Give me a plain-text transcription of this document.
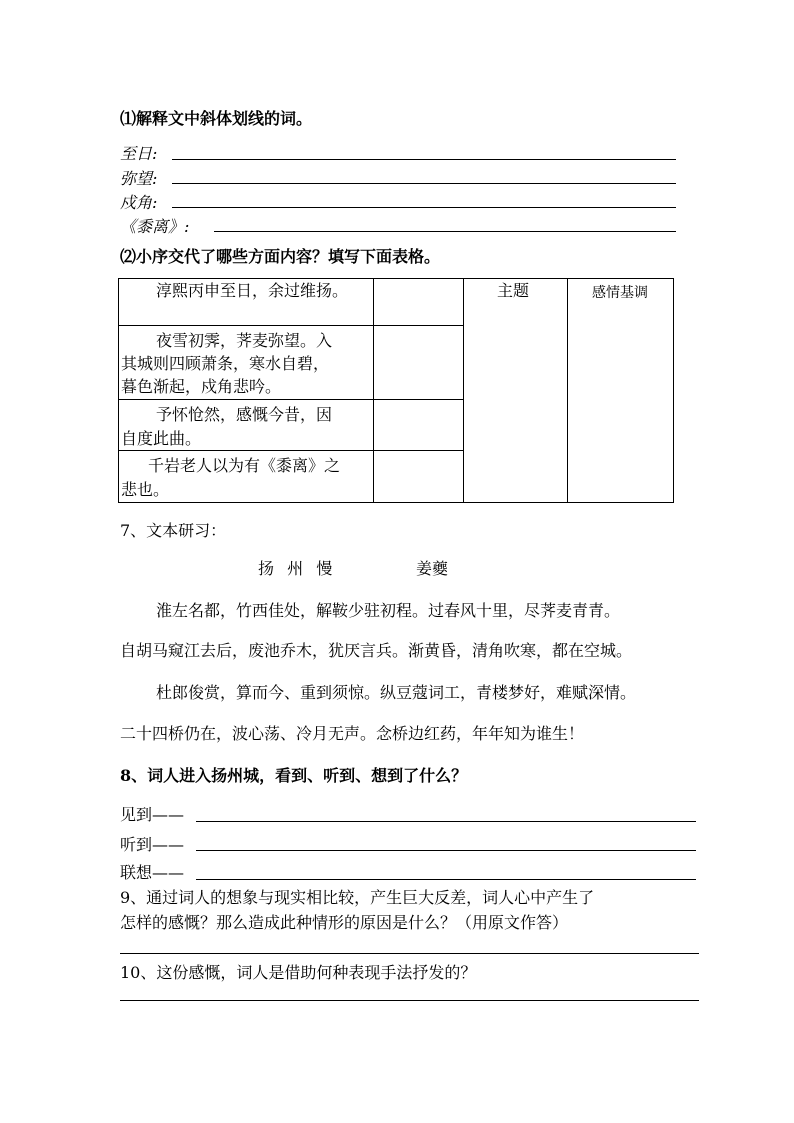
⑴解释文中斜体划线的词。
至日:
弥望:
戍角:
《黍离》:
⑵小序交代了哪些方面内容？填写下面表格。
淳熙丙申至日，余过维扬。
夜雪初霁，荠麦弥望。入
其城则四顾萧条，寒水自碧，
暮色渐起，戍角悲吟。
予怀怆然，感慨今昔，因
自度此曲。
千岩老人以为有《黍离》之
悲也。
主题	感情基调
7、文本研习：
扬  州  慢	姜夔
淮左名都，竹西佳处，解鞍少驻初程。过春风十里，尽荠麦青青。
自胡马窥江去后，废池乔木，犹厌言兵。渐黄昏，清角吹寒，都在空城。
杜郎俊赏，算而今、重到须惊。纵豆蔻词工，青楼梦好，难赋深情。
二十四桥仍在，波心荡、冷月无声。念桥边红药，年年知为谁生！
8、词人进入扬州城，看到、听到、想到了什么？
见到——
听到——
联想——
9、通过词人的想象与现实相比较，产生巨大反差，词人心中产生了
怎样的感慨？那么造成此种情形的原因是什么？（用原文作答）
10、这份感慨，词人是借助何种表现手法抒发的？
